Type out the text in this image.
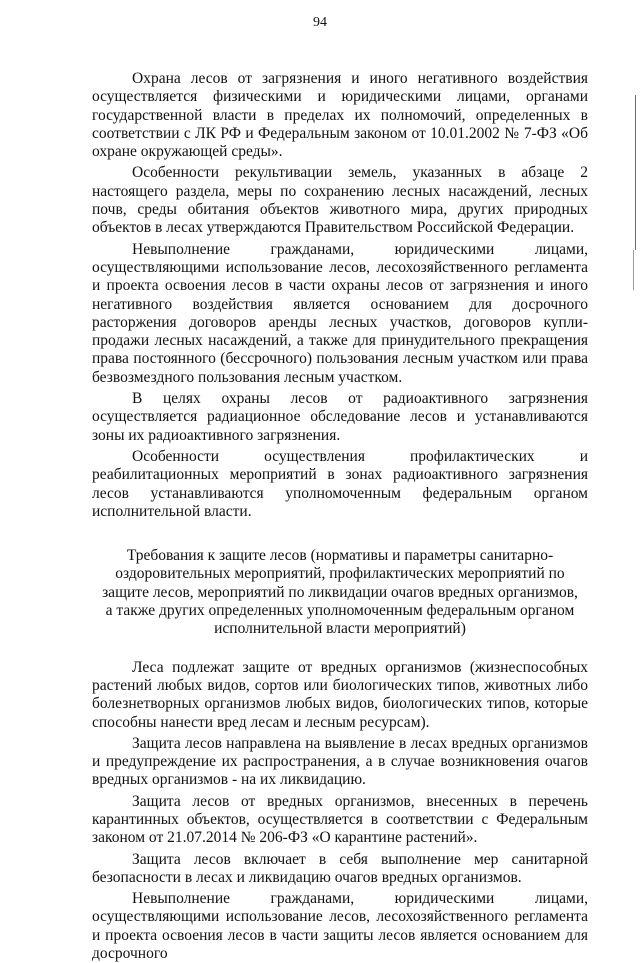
94

Охрана лесов от загрязнения и иного негативного воздействия осуществляется физическими и юридическими лицами, органами государственной власти в пределах их полномочий, определенных в соответствии с ЛК РФ и Федеральным законом от 10.01.2002 № 7-ФЗ «Об охране окружающей среды».

Особенности рекультивации земель, указанных в абзаце 2 настоящего раздела, меры по сохранению лесных насаждений, лесных почв, среды обитания объектов животного мира, других природных объектов в лесах утверждаются Правительством Российской Федерации.

Невыполнение гражданами, юридическими лицами, осуществляющими использование лесов, лесохозяйственного регламента и проекта освоения лесов в части охраны лесов от загрязнения и иного негативного воздействия является основанием для досрочного расторжения договоров аренды лесных участков, договоров купли-продажи лесных насаждений, а также для принудительного прекращения права постоянного (бессрочного) пользования лесным участком или права безвозмездного пользования лесным участком.

В целях охраны лесов от радиоактивного загрязнения осуществляется радиационное обследование лесов и устанавливаются зоны их радиоактивного загрязнения.

Особенности осуществления профилактических и реабилитационных мероприятий в зонах радиоактивного загрязнения лесов устанавливаются уполномоченным федеральным органом исполнительной власти.

Требования к защите лесов (нормативы и параметры санитарно-оздоровительных мероприятий, профилактических мероприятий по защите лесов, мероприятий по ликвидации очагов вредных организмов, а также других определенных уполномоченным федеральным органом исполнительной власти мероприятий)

Леса подлежат защите от вредных организмов (жизнеспособных растений любых видов, сортов или биологических типов, животных либо болезнетворных организмов любых видов, биологических типов, которые способны нанести вред лесам и лесным ресурсам).

Защита лесов направлена на выявление в лесах вредных организмов и предупреждение их распространения, а в случае возникновения очагов вредных организмов - на их ликвидацию.

Защита лесов от вредных организмов, внесенных в перечень карантинных объектов, осуществляется в соответствии с Федеральным законом от 21.07.2014 № 206-ФЗ «О карантине растений».

Защита лесов включает в себя выполнение мер санитарной безопасности в лесах и ликвидацию очагов вредных организмов.

Невыполнение гражданами, юридическими лицами, осуществляющими использование лесов, лесохозяйственного регламента и проекта освоения лесов в части защиты лесов является основанием для досрочного
